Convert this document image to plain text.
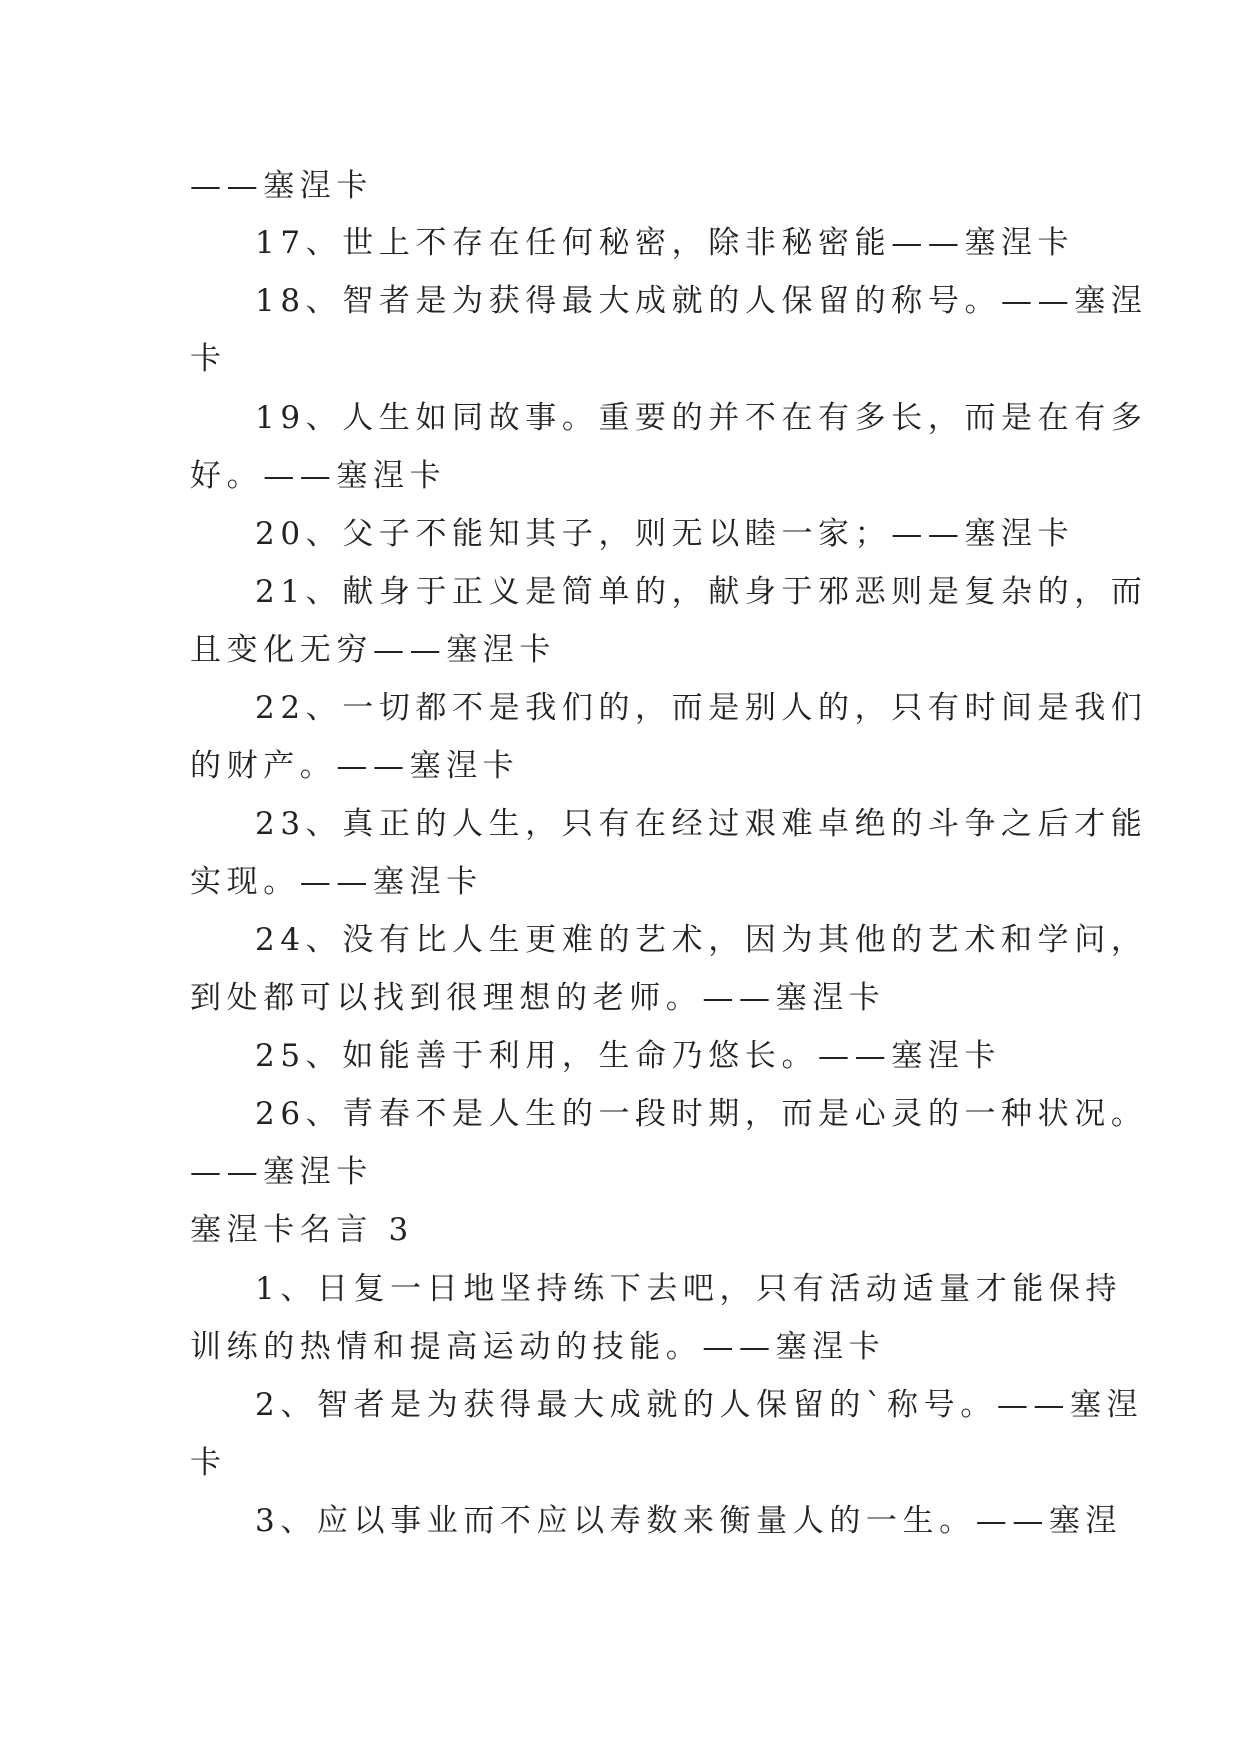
——塞涅卡
17、世上不存在任何秘密，除非秘密能——塞涅卡
18、智者是为获得最大成就的人保留的称号。——塞涅
卡
19、人生如同故事。重要的并不在有多长，而是在有多
好。——塞涅卡
20、父子不能知其子，则无以睦一家；——塞涅卡
21、献身于正义是简单的，献身于邪恶则是复杂的，而
且变化无穷——塞涅卡
22、一切都不是我们的，而是别人的，只有时间是我们
的财产。——塞涅卡
23、真正的人生，只有在经过艰难卓绝的斗争之后才能
实现。——塞涅卡
24、没有比人生更难的艺术，因为其他的艺术和学问，
到处都可以找到很理想的老师。——塞涅卡
25、如能善于利用，生命乃悠长。——塞涅卡
26、青春不是人生的一段时期，而是心灵的一种状况。
——塞涅卡
塞涅卡名言 3
1、日复一日地坚持练下去吧，只有活动适量才能保持
训练的热情和提高运动的技能。——塞涅卡
2、智者是为获得最大成就的人保留的`称号。——塞涅
卡
3、应以事业而不应以寿数来衡量人的一生。——塞涅
